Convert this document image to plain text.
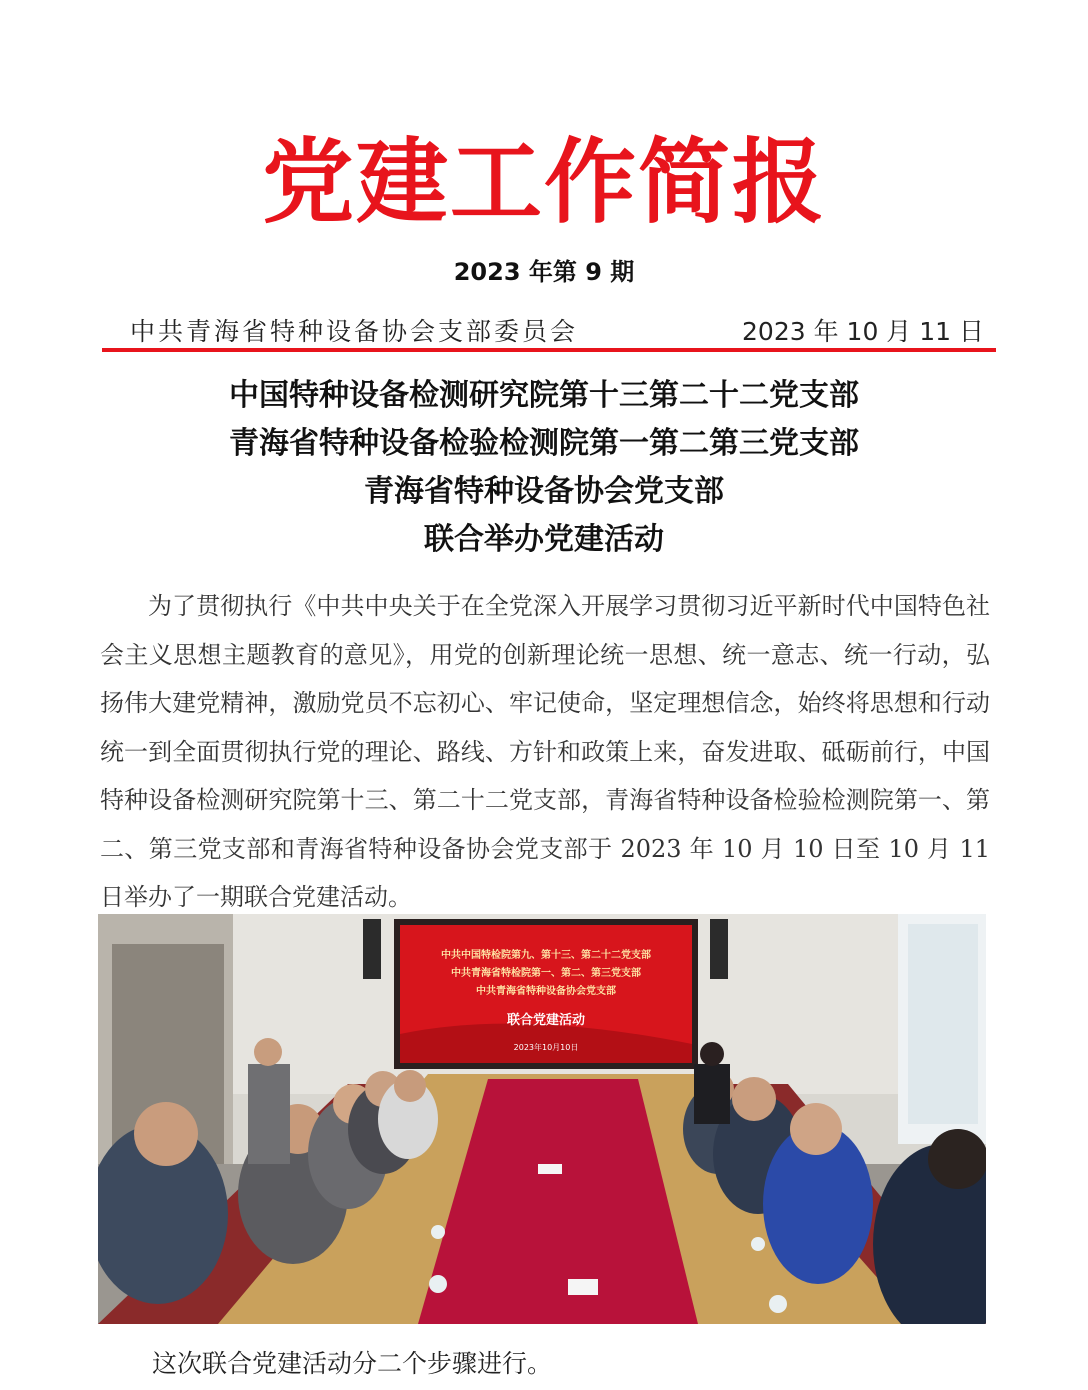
党建工作简报
2023 年第 9 期
中共青海省特种设备协会支部委员会	2023 年 10 月 11 日
中国特种设备检测研究院第十三第二十二党支部
青海省特种设备检验检测院第一第二第三党支部
青海省特种设备协会党支部
联合举办党建活动
为了贯彻执行《中共中央关于在全党深入开展学习贯彻习近平新时代中国特色社会主义思想主题教育的意见》，用党的创新理论统一思想、统一意志、统一行动，弘扬伟大建党精神，激励党员不忘初心、牢记使命，坚定理想信念，始终将思想和行动统一到全面贯彻执行党的理论、路线、方针和政策上来，奋发进取、砥砺前行，中国特种设备检测研究院第十三、第二十二党支部，青海省特种设备检验检测院第一、第二、第三党支部和青海省特种设备协会党支部于 2023 年 10 月 10 日至 10 月 11 日举办了一期联合党建活动。
中共中国特检院第九、第十三、第二十二党支部
中共青海省特检院第一、第二、第三党支部
中共青海省特种设备协会党支部
联合党建活动
2023年10月10日
这次联合党建活动分二个步骤进行。
